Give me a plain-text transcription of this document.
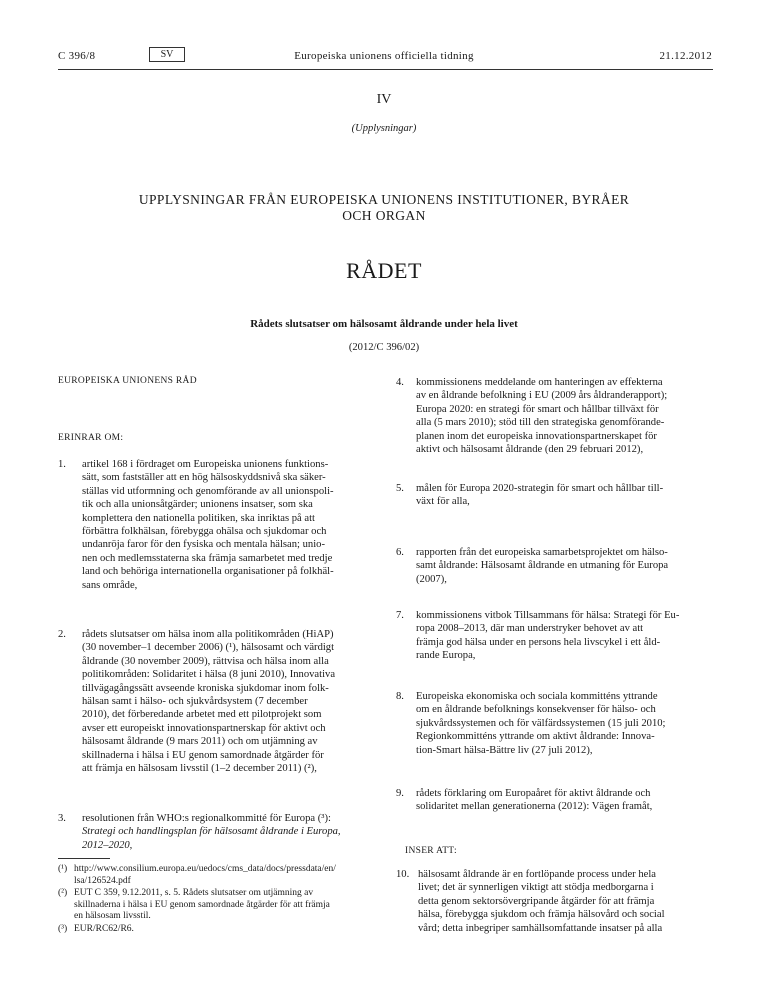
C 396/8	SV	Europeiska unionens officiella tidning	21.12.2012
IV
(Upplysningar)
UPPLYSNINGAR FRÅN EUROPEISKA UNIONENS INSTITUTIONER, BYRÅER
OCH ORGAN
RÅDET
Rådets slutsatser om hälsosamt åldrande under hela livet
(2012/C 396/02)
EUROPEISKA UNIONENS RÅD
ERINRAR OM:
1. artikel 168 i fördraget om Europeiska unionens funktions-
sätt, som fastställer att en hög hälsoskyddsnivå ska säker-
ställas vid utformning och genomförande av all unionspoli-
tik och alla unionsåtgärder; unionens insatser, som ska
komplettera den nationella politiken, ska inriktas på att
förbättra folkhälsan, förebygga ohälsa och sjukdomar och
undanröja faror för den fysiska och mentala hälsan; unio-
nen och medlemsstaterna ska främja samarbetet med tredje
land och behöriga internationella organisationer på folkhäl-
sans område,
2. rådets slutsatser om hälsa inom alla politikområden (HiAP)
(30 november–1 december 2006) (¹), hälsosamt och värdigt
åldrande (30 november 2009), rättvisa och hälsa inom alla
politikområden: Solidaritet i hälsa (8 juni 2010), Innovativa
tillvägagångssätt avseende kroniska sjukdomar inom folk-
hälsan samt i hälso- och sjukvårdsystem (7 december
2010), det förberedande arbetet med ett pilotprojekt som
avser ett europeiskt innovationspartnerskap för aktivt och
hälsosamt åldrande (9 mars 2011) och om utjämning av
skillnaderna i hälsa i EU genom samordnade åtgärder för
att främja en hälsosam livsstil (1–2 december 2011) (²),
3. resolutionen från WHO:s regionalkommitté för Europa (³):
Strategi och handlingsplan för hälsosamt åldrande i Europa,
2012–2020,
(¹) http://www.consilium.europa.eu/uedocs/cms_data/docs/pressdata/en/
lsa/126524.pdf
(²) EUT C 359, 9.12.2011, s. 5. Rådets slutsatser om utjämning av
skillnaderna i hälsa i EU genom samordnade åtgärder för att främja
en hälsosam livsstil.
(³) EUR/RC62/R6.
4. kommissionens meddelande om hanteringen av effekterna
av en åldrande befolkning i EU (2009 års åldranderapport);
Europa 2020: en strategi för smart och hållbar tillväxt för
alla (5 mars 2010); stöd till den strategiska genomförande-
planen inom det europeiska innovationspartnerskapet för
aktivt och hälsosamt åldrande (den 29 februari 2012),
5. målen för Europa 2020-strategin för smart och hållbar till-
växt för alla,
6. rapporten från det europeiska samarbetsprojektet om hälso-
samt åldrande: Hälsosamt åldrande en utmaning för Europa
(2007),
7. kommissionens vitbok Tillsammans för hälsa: Strategi för Eu-
ropa 2008–2013, där man understryker behovet av att
främja god hälsa under en persons hela livscykel i ett åld-
rande Europa,
8. Europeiska ekonomiska och sociala kommitténs yttrande
om en åldrande befolknings konsekvenser för hälso- och
sjukvårdssystemen och för välfärdssystemen (15 juli 2010;
Regionkommitténs yttrande om aktivt åldrande: Innova-
tion-Smart hälsa-Bättre liv (27 juli 2012),
9. rådets förklaring om Europaåret för aktivt åldrande och
solidaritet mellan generationerna (2012): Vägen framåt,
INSER ATT:
10. hälsosamt åldrande är en fortlöpande process under hela
livet; det är synnerligen viktigt att stödja medborgarna i
detta genom sektorsövergripande åtgärder för att främja
hälsa, förebygga sjukdom och främja hälsovård och social
vård; detta inbegriper samhällsomfattande insatser på alla
